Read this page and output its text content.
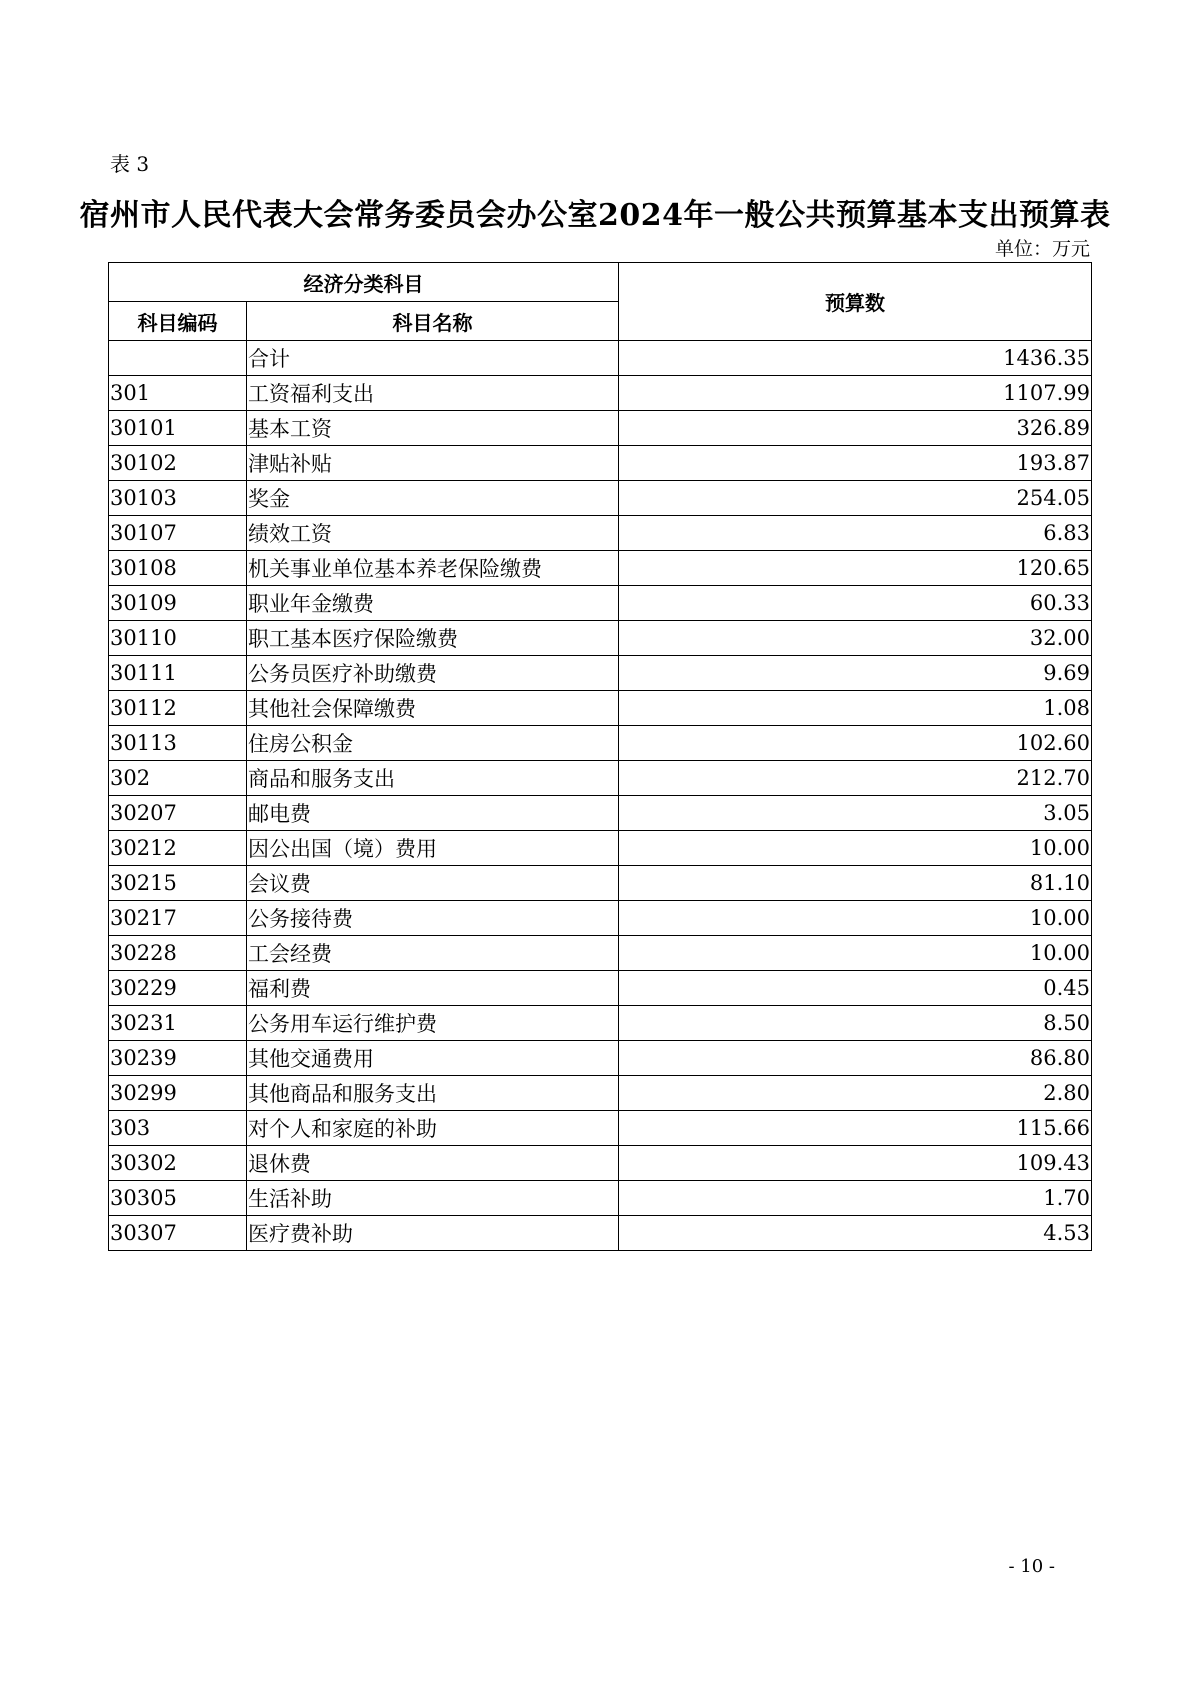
表 3
宿州市人民代表大会常务委员会办公室2024年一般公共预算基本支出预算表
单位：万元
经济分类科目		预算数
科目编码	科目名称	
	合计	1436.35
301	工资福利支出	1107.99
30101	基本工资	326.89
30102	津贴补贴	193.87
30103	奖金	254.05
30107	绩效工资	6.83
30108	机关事业单位基本养老保险缴费	120.65
30109	职业年金缴费	60.33
30110	职工基本医疗保险缴费	32.00
30111	公务员医疗补助缴费	9.69
30112	其他社会保障缴费	1.08
30113	住房公积金	102.60
302	商品和服务支出	212.70
30207	邮电费	3.05
30212	因公出国（境）费用	10.00
30215	会议费	81.10
30217	公务接待费	10.00
30228	工会经费	10.00
30229	福利费	0.45
30231	公务用车运行维护费	8.50
30239	其他交通费用	86.80
30299	其他商品和服务支出	2.80
303	对个人和家庭的补助	115.66
30302	退休费	109.43
30305	生活补助	1.70
30307	医疗费补助	4.53
- 10 -
